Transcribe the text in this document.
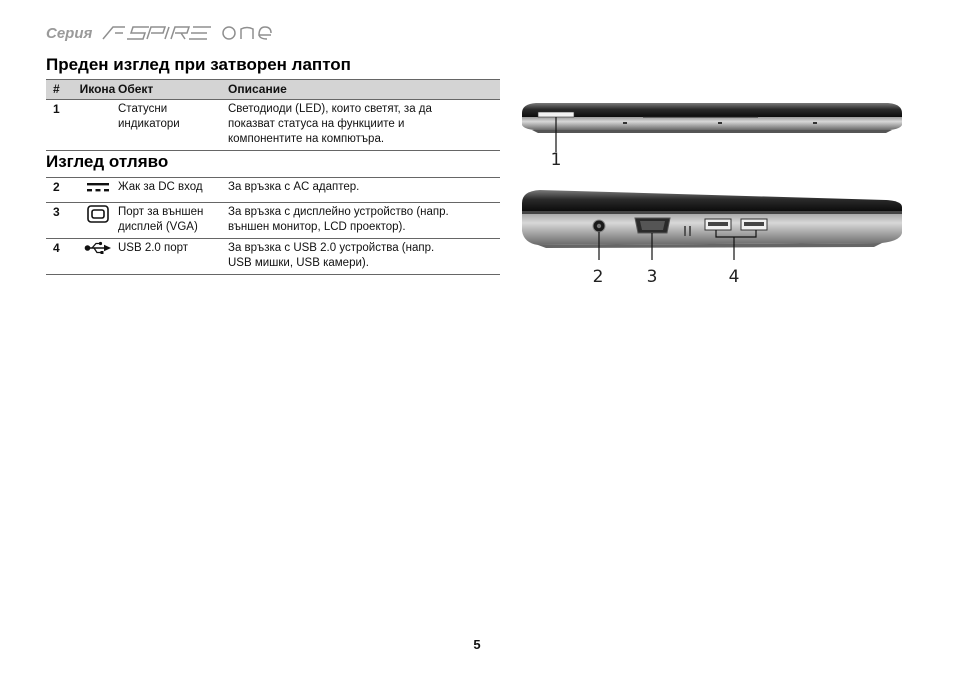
Серия
Преден изглед при затворен лаптоп
#	Икона	Обект	Описание
1		Статусни индикатори	Светодиоди (LED), които светят, за да показват статуса на функциите и компонентите на компютъра.
Изглед отляво
2		Жак за DC вход	За връзка с AC адаптер.
3		Порт за външен дисплей (VGA)	За връзка с дисплейно устройство (напр. външен монитор, LCD проектор).

4		USB 2.0 порт	За връзка с USB 2.0 устройства (напр. USB мишки, USB камери).
1
2	3	4
5
